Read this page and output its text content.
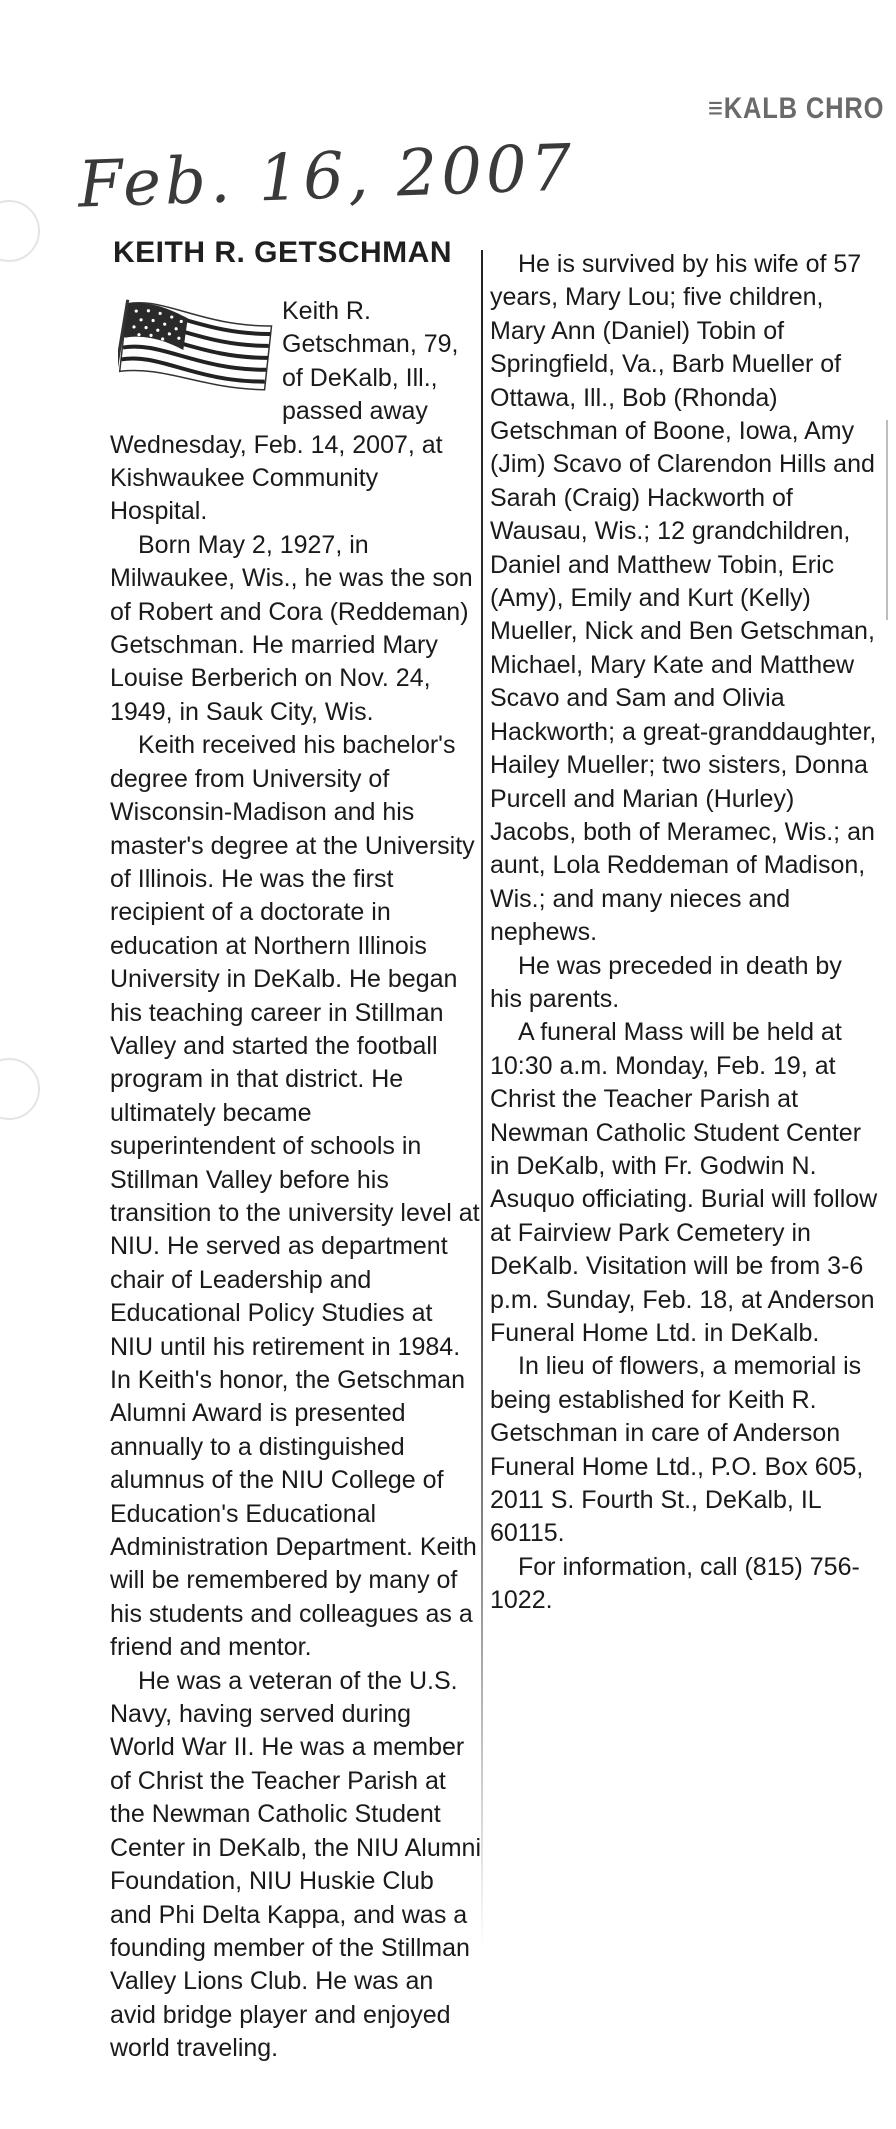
≡KALB CHRO
Feb. 16, 2007
KEITH R. GETSCHMAN
Keith R.
Getschman, 79,
of DeKalb, Ill.,
passed away

Wednesday, Feb. 14, 2007, at Kishwaukee Community Hospital.

Born May 2, 1927, in Milwaukee, Wis., he was the son of Robert and Cora (Reddeman) Getschman. He married Mary Louise Berberich on Nov. 24, 1949, in Sauk City, Wis.

Keith received his bachelor's degree from University of Wisconsin-Madison and his master's degree at the University of Illinois. He was the first recipient of a doctorate in education at Northern Illinois University in DeKalb. He began his teaching career in Stillman Valley and started the football program in that district. He ultimately became superintendent of schools in Stillman Valley before his transition to the university level at NIU. He served as department chair of Leadership and Educational Policy Studies at NIU until his retirement in 1984. In Keith's honor, the Getschman Alumni Award is presented annually to a distinguished alumnus of the NIU College of Education's Educational Administration Department. Keith will be remembered by many of his students and colleagues as a friend and mentor.

He was a veteran of the U.S. Navy, having served during World War II. He was a member of Christ the Teacher Parish at the Newman Catholic Student Center in DeKalb, the NIU Alumni Foundation, NIU Huskie Club and Phi Delta Kappa, and was a founding member of the Stillman Valley Lions Club. He was an avid bridge player and enjoyed world traveling.

He is survived by his wife of 57 years, Mary Lou; five children, Mary Ann (Daniel) Tobin of Springfield, Va., Barb Mueller of Ottawa, Ill., Bob (Rhonda) Getschman of Boone, Iowa, Amy (Jim) Scavo of Clarendon Hills and Sarah (Craig) Hackworth of Wausau, Wis.; 12 grandchildren, Daniel and Matthew Tobin, Eric (Amy), Emily and Kurt (Kelly) Mueller, Nick and Ben Getschman, Michael, Mary Kate and Matthew Scavo and Sam and Olivia Hackworth; a great-granddaughter, Hailey Mueller; two sisters, Donna Purcell and Marian (Hurley) Jacobs, both of Meramec, Wis.; an aunt, Lola Reddeman of Madison, Wis.; and many nieces and nephews.

He was preceded in death by his parents.

A funeral Mass will be held at 10:30 a.m. Monday, Feb. 19, at Christ the Teacher Parish at Newman Catholic Student Center in DeKalb, with Fr. Godwin N. Asuquo officiating. Burial will follow at Fairview Park Cemetery in DeKalb. Visitation will be from 3-6 p.m. Sunday, Feb. 18, at Anderson Funeral Home Ltd. in DeKalb.

In lieu of flowers, a memorial is being established for Keith R. Getschman in care of Anderson Funeral Home Ltd., P.O. Box 605, 2011 S. Fourth St., DeKalb, IL 60115.

For information, call (815) 756-1022.
